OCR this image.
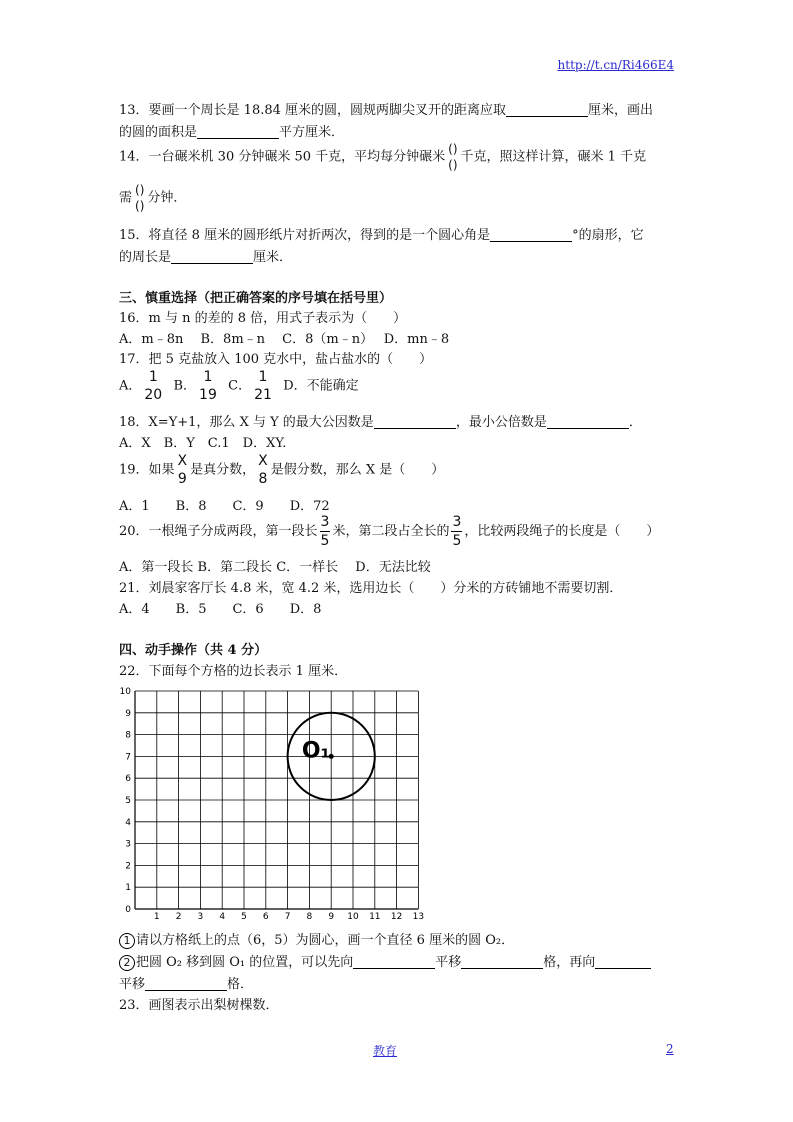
http://t.cn/Ri466E4
13．要画一个周长是 18.84 厘米的圆，圆规两脚尖叉开的距离应取	厘米，画出
的圆的面积是	平方厘米．
14．一台碾米机 30 分钟碾米 50 千克，平均每分钟碾米
()
()
千克，照这样计算，碾米 1 千克
需
()
()
分钟．
15．将直径 8 厘米的圆形纸片对折两次，得到的是一个圆心角是	°的扇形，它
的周长是	厘米．
三、慎重选择（把正确答案的序号填在括号里）
16．m 与 n 的差的 8 倍，用式子表示为（　　）
A．m﹣8n　 B．8m﹣n　 C．8（m﹣n）　 D．mn﹣8
17．把 5 克盐放入 100 克水中，盐占盐水的（　　）
A．
1
20
B．
1
19
C．
1
21
D．不能确定
18．X=Y+1，那么 X 与 Y 的最大公因数是	，最小公倍数是	．
A．X　B．Y　C.1　D．XY.
19．如果
X
9
是真分数，
X
8
是假分数，那么 X 是（　　）
A．1　　B．8　　C．9　　D．72
20．一根绳子分成两段，第一段长 $\frac{3}{5}$ 米，第二段占全长的 $\frac{3}{5}$ ，比较两段绳子的长度是（　　）
A．第一段长 B．第二段长 C．一样长　 D．无法比较
21．刘晨家客厅长 4.8 米，宽 4.2 米，选用边长（　　）分米的方砖铺地不需要切割．
A．4　　B．5　　C．6　　D．8
四、动手操作（共 4 分）
22．下面每个方格的边长表示 1 厘米．
1 2 3 4 5 6 7 8 9 10 11 12 13
0
1
2
3
4
5
6
7
8
9
10
O₁
1 请以方格纸上的点（6，5）为圆心，画一个直径 6 厘米的圆 O₂．
2 把圆 O₂ 移到圆 O₁ 的位置，可以先向	平移	格，再向
平移	格．
23．画图表示出梨树棵数．
教育	2
